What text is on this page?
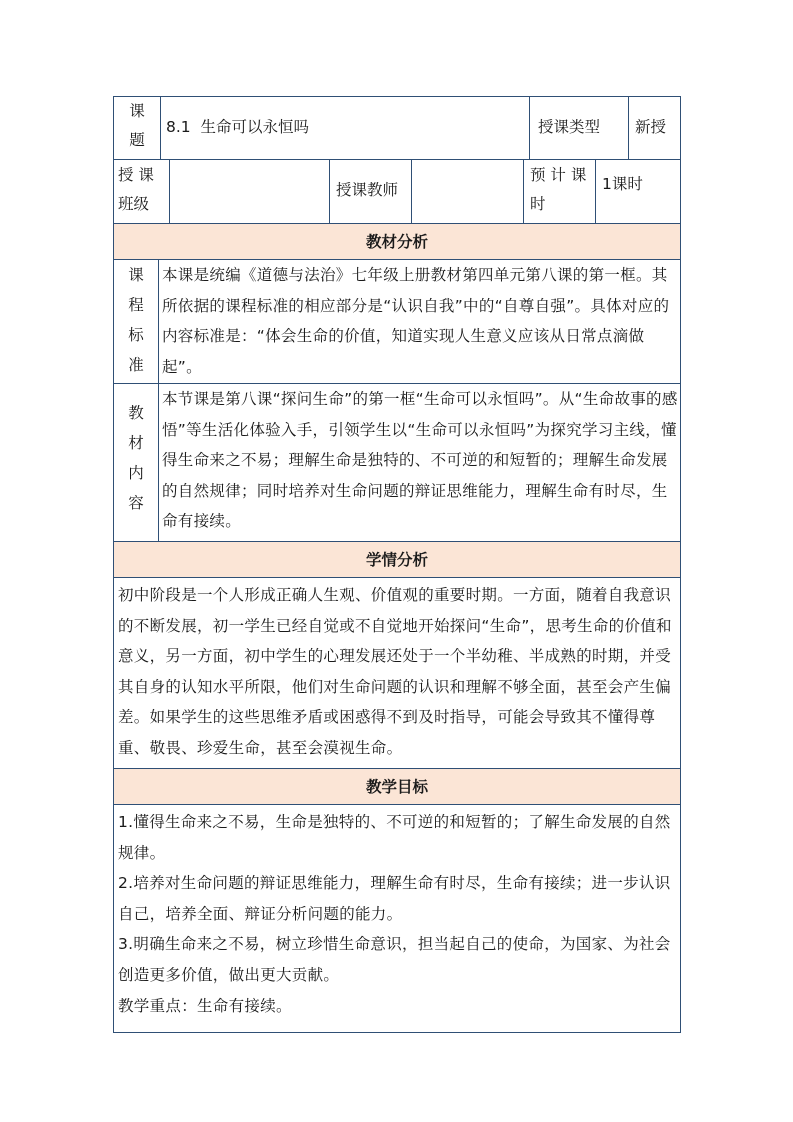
课
题
8.1  生命可以永恒吗	授课类型	新授
授 课
班级
授课教师
预 计 课
时
1课时
教材分析
课
程
标
准
本课是统编《道德与法治》七年级上册教材第四单元第八课的第一框。其所依据的课程标准的相应部分是“认识自我”中的“自尊自强”。具体对应的内容标准是：“体会生命的价值，知道实现人生意义应该从日常点滴做起”。
教
材
内
容
本节课是第八课“探问生命”的第一框“生命可以永恒吗”。从“生命故事的感悟”等生活化体验入手，引领学生以“生命可以永恒吗”为探究学习主线，懂得生命来之不易；理解生命是独特的、不可逆的和短暂的；理解生命发展的自然规律；同时培养对生命问题的辩证思维能力，理解生命有时尽，生命有接续。
学情分析
初中阶段是一个人形成正确人生观、价值观的重要时期。一方面，随着自我意识的不断发展，初一学生已经自觉或不自觉地开始探问“生命”，思考生命的价值和意义，另一方面，初中学生的心理发展还处于一个半幼稚、半成熟的时期，并受其自身的认知水平所限，他们对生命问题的认识和理解不够全面，甚至会产生偏差。如果学生的这些思维矛盾或困惑得不到及时指导，可能会导致其不懂得尊重、敬畏、珍爱生命，甚至会漠视生命。
教学目标

1.懂得生命来之不易，生命是独特的、不可逆的和短暂的；了解生命发展的自然规律。

2.培养对生命问题的辩证思维能力，理解生命有时尽，生命有接续；进一步认识自己，培养全面、辩证分析问题的能力。

3.明确生命来之不易，树立珍惜生命意识，担当起自己的使命，为国家、为社会创造更多价值，做出更大贡献。

教学重点：生命有接续。
